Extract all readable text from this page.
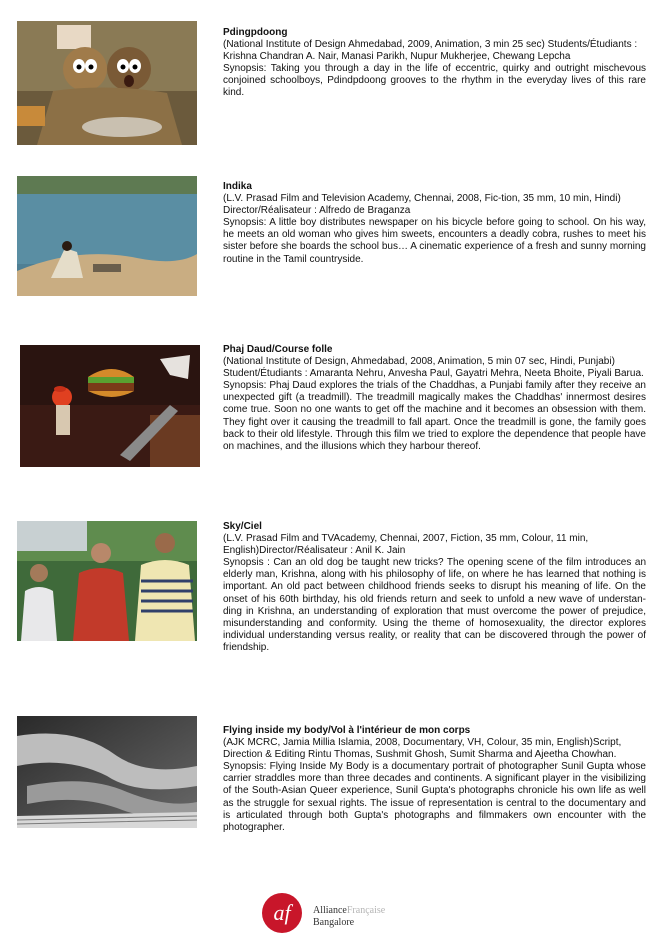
Pdingpdoong
(National Institute of Design Ahmedabad, 2009, Animation, 3 min 25 sec) Students/Étudiants : Krishna Chandran A. Nair, Manasi Parikh, Nupur Mukherjee, Chewang Lepcha
Synopsis: Taking you through a day in the life of eccentric, quirky and outright mischevous conjoined schoolboys, Pdindpdoong grooves to the rhythm in the everyday lives of this rare kind.
Indika
(L.V. Prasad Film and Television Academy, Chennai, 2008, Fic-tion, 35 mm, 10 min, Hindi) Director/Réalisateur : Alfredo de Braganza
Synopsis: A little boy distributes newspaper on his bicycle before going to school. On his way, he meets an old woman who gives him sweets, encounters a deadly cobra, rushes to meet his sister before she boards the school bus… A cinematic experience of a fresh and sunny morning routine in the Tamil countryside.
Phaj Daud/Course folle
(National Institute of Design, Ahmedabad, 2008, Animation, 5 min 07 sec, Hindi, Punjabi) Student/Étudiants : Amaranta Nehru, Anvesha Paul, Gayatri Mehra, Neeta Bhoite, Piyali Barua.
Synopsis: Phaj Daud explores the trials of the Chaddhas, a Punjabi family after they receive an unexpected gift (a treadmill). The treadmill magically makes the Chaddhas' innermost desires come true. Soon no one wants to get off the machine and it becomes an obsession with them. They fight over it causing the treadmill to fall apart. Once the treadmill is gone, the family goes back to their old lifestyle. Through this film we tried to explore the dependence that people have on machines, and the illusions which they harbour thereof.
Sky/Ciel
(L.V. Prasad Film and TVAcademy, Chennai, 2007, Fiction, 35 mm, Colour, 11 min, English)Director/Réalisateur : Anil K. Jain
Synopsis : Can an old dog be taught new tricks? The opening scene of the film introduces an elderly man, Krishna, along with his philosophy of life, on where he has learned that nothing is important. An old pact between childhood friends seeks to disrupt his meaning of life. On the onset of his 60th birthday, his old friends return and seek to unfold a new wave of understan-ding in Krishna, an understanding of exploration that must overcome the power of prejudice, misunderstanding and conformity. Using the theme of homosexuality, the director explores individual understanding versus reality, or reality that can be discovered through the power of friendship.
Flying inside my body/Vol à l'intérieur de mon corps
(AJK MCRC, Jamia Millia Islamia, 2008, Documentary, VH, Colour, 35 min, English)Script, Direction & Editing Rintu Thomas, Sushmit Ghosh, Sumit Sharma and Ajeetha Chowhan.
Synopsis: Flying Inside My Body is a documentary portrait of photographer Sunil Gupta whose carrier straddles more than three decades and continents. A significant player in the visibilizing of the South-Asian Queer experience, Sunil Gupta's photographs chronicle his own life as well as the struggle for sexual rights. The issue of representation is central to the documentary and is articulated through both Gupta's photographs and filmmakers own encounter with the photographer.
af AllianceFrançaise
Bangalore
